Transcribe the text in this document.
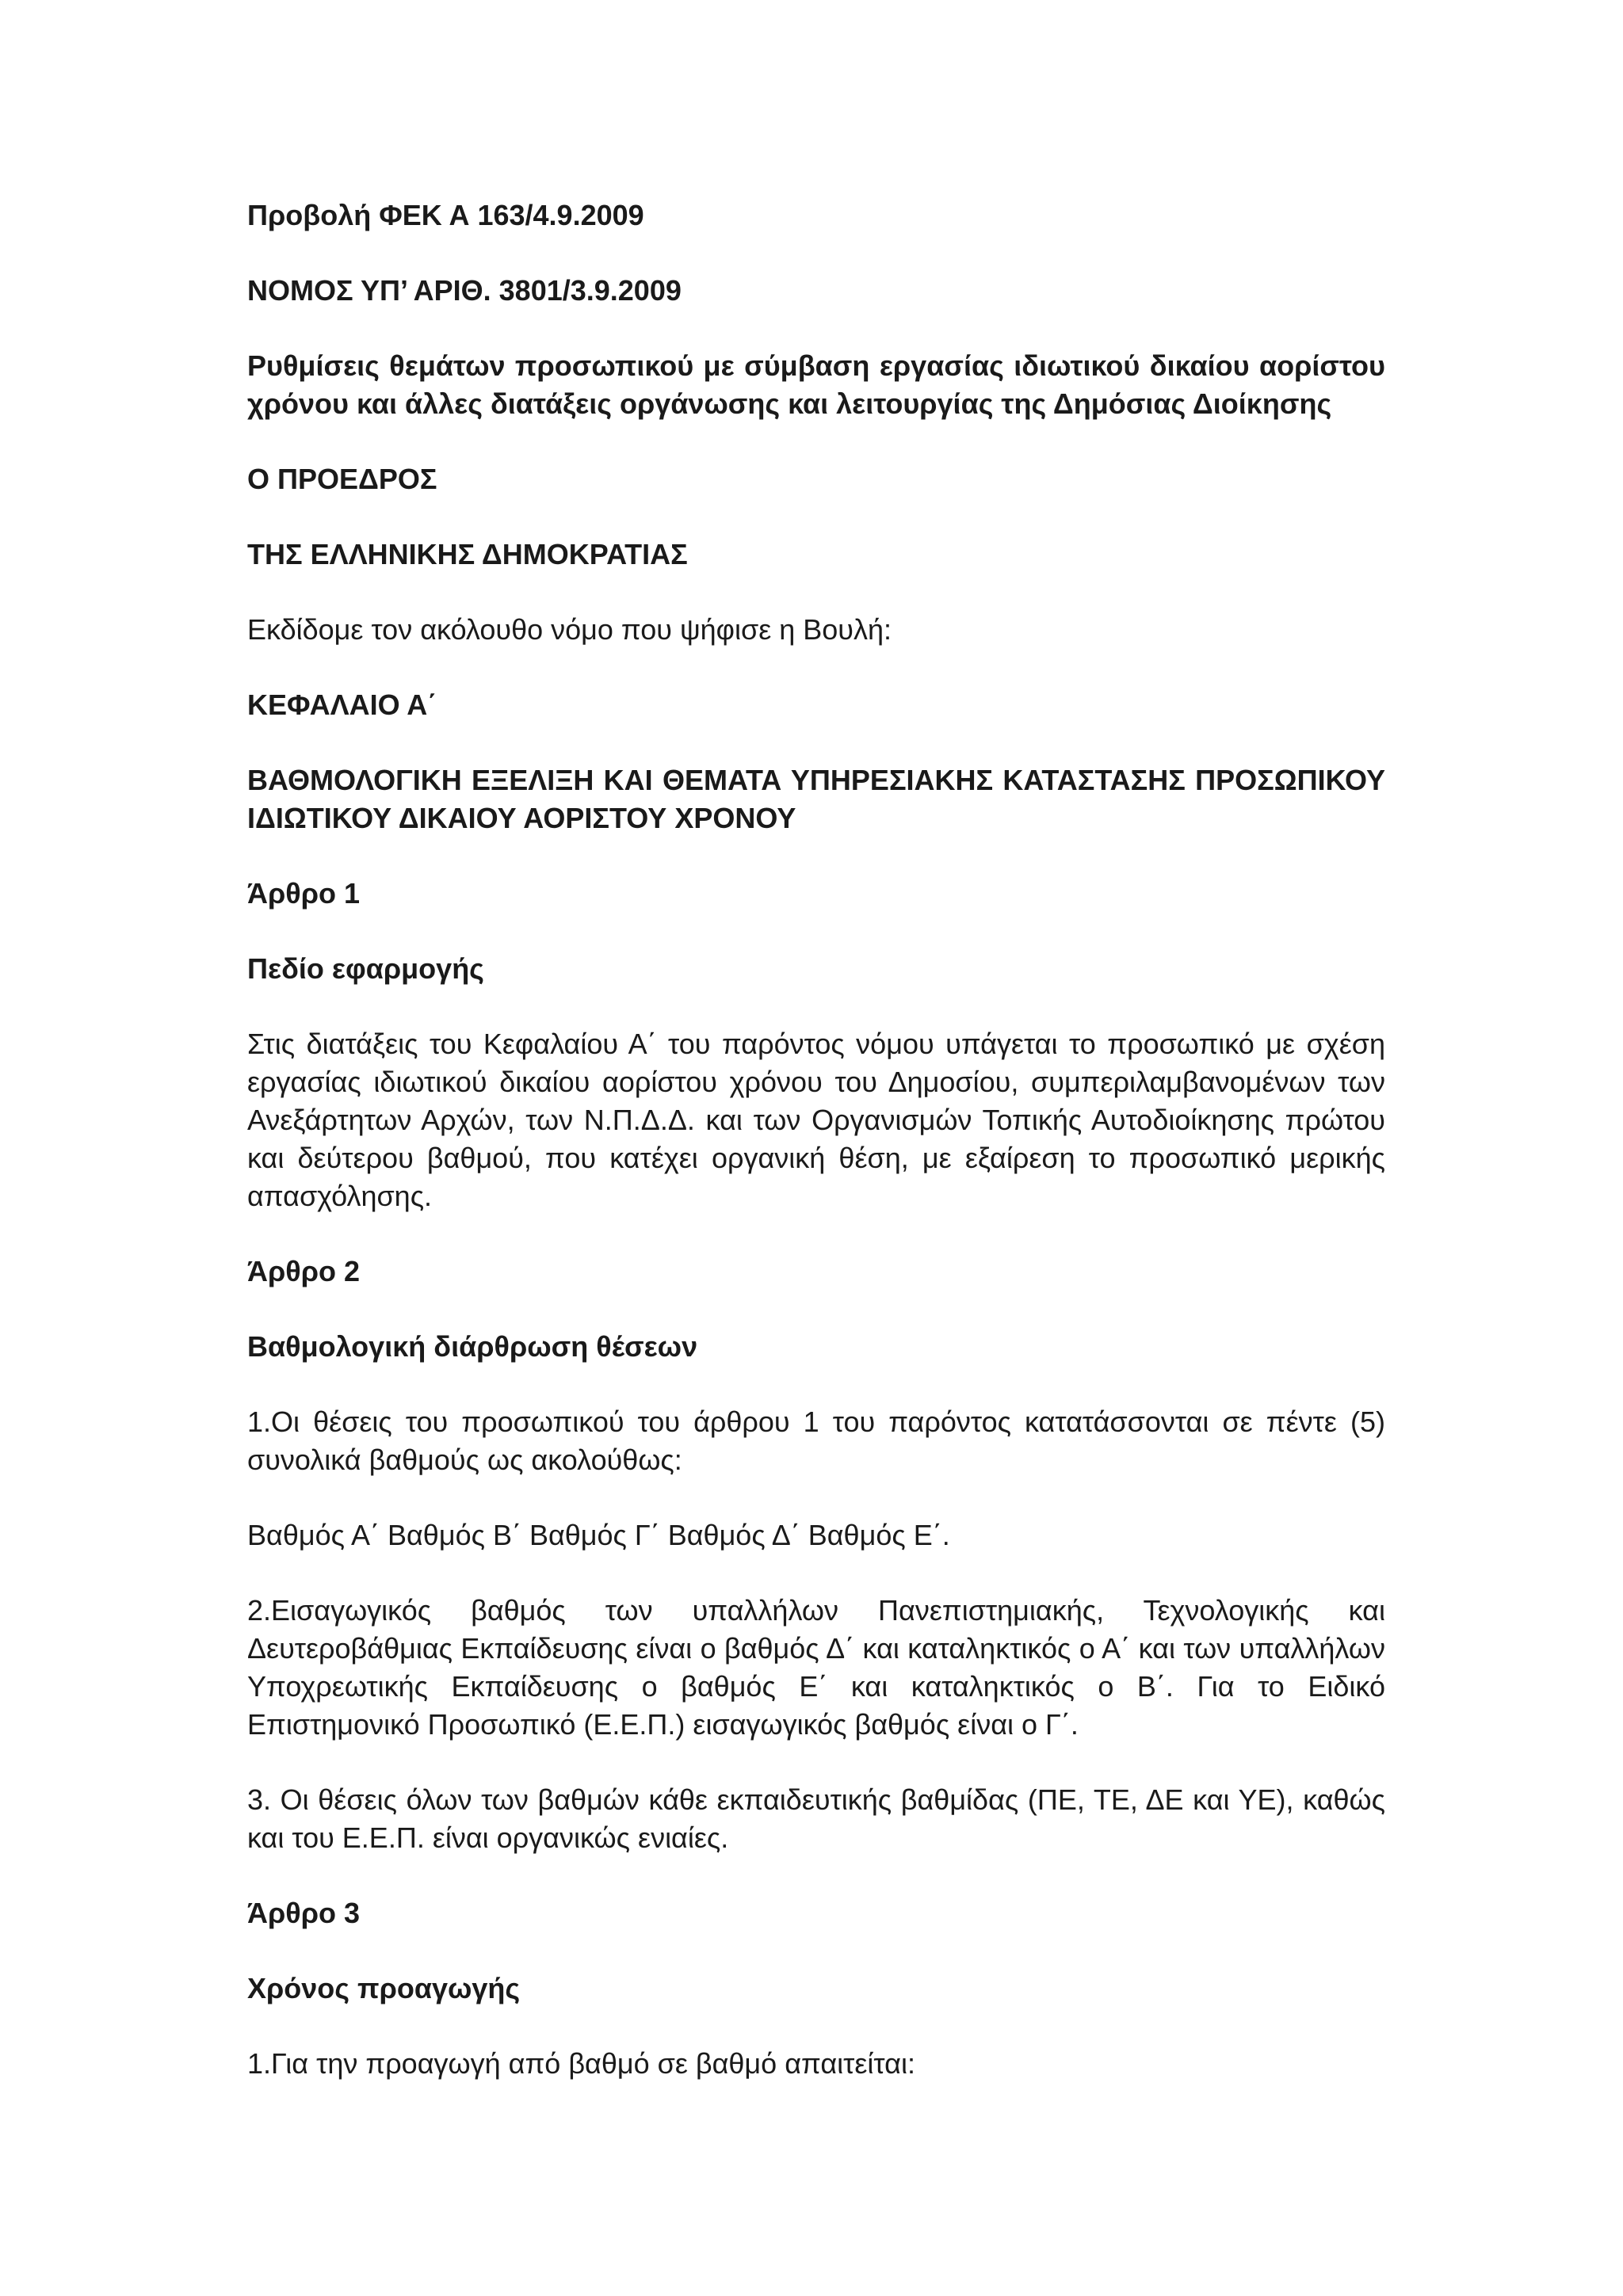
Προβολή ΦΕΚ Α 163/4.9.2009

ΝΟΜΟΣ ΥΠ’ ΑΡΙΘ. 3801/3.9.2009

Ρυθμίσεις θεμάτων προσωπικού με σύμβαση εργασίας ιδιωτικού δικαίου αορίστου χρόνου και άλλες διατάξεις οργάνωσης και λειτουργίας της Δημόσιας Διοίκησης

Ο ΠΡΟΕΔΡΟΣ

ΤΗΣ ΕΛΛΗΝΙΚΗΣ ΔΗΜΟΚΡΑΤΙΑΣ

Εκδίδομε τον ακόλουθο νόμο που ψήφισε η Βουλή:

ΚΕΦΑΛΑΙΟ Α΄

ΒΑΘΜΟΛΟΓΙΚΗ ΕΞΕΛΙΞΗ ΚΑΙ ΘΕΜΑΤΑ ΥΠΗΡΕΣΙΑΚΗΣ ΚΑΤΑΣΤΑΣΗΣ ΠΡΟΣΩΠΙΚΟΥ ΙΔΙΩΤΙΚΟΥ ΔΙΚΑΙΟΥ ΑΟΡΙΣΤΟΥ ΧΡΟΝΟΥ

Άρθρο 1

Πεδίο εφαρμογής

Στις διατάξεις του Κεφαλαίου Α΄ του παρόντος νόμου υπάγεται το προσωπικό με σχέση εργασίας ιδιωτικού δικαίου αορίστου χρόνου του Δημοσίου, συμπεριλαμβανομένων των Ανεξάρτητων Αρχών, των Ν.Π.Δ.Δ. και των Οργανισμών Τοπικής Αυτοδιοίκησης πρώτου και δεύτερου βαθμού, που κατέχει οργανική θέση, με εξαίρεση το προσωπικό μερικής απασχόλησης.

Άρθρο 2

Βαθμολογική διάρθρωση θέσεων

1.Οι θέσεις του προσωπικού του άρθρου 1 του παρόντος κατατάσσονται σε πέντε (5) συνολικά βαθμούς ως ακολούθως:

Βαθμός Α΄ Βαθμός Β΄ Βαθμός Γ΄ Βαθμός Δ΄ Βαθμός Ε΄.

2.Εισαγωγικός βαθμός των υπαλλήλων Πανεπιστημιακής, Τεχνολογικής και Δευτεροβάθμιας Εκπαίδευσης είναι ο βαθμός Δ΄ και καταληκτικός ο Α΄ και των υπαλλήλων Υποχρεωτικής Εκπαίδευσης ο βαθμός Ε΄ και καταληκτικός ο Β΄. Για το Ειδικό Επιστημονικό Προσωπικό (Ε.Ε.Π.) εισαγωγικός βαθμός είναι ο Γ΄.

3. Οι θέσεις όλων των βαθμών κάθε εκπαιδευτικής βαθμίδας (ΠΕ, ΤΕ, ΔΕ και ΥΕ), καθώς και του Ε.Ε.Π. είναι οργανικώς ενιαίες.

Άρθρο 3

Χρόνος προαγωγής

1.Για την προαγωγή από βαθμό σε βαθμό απαιτείται:
